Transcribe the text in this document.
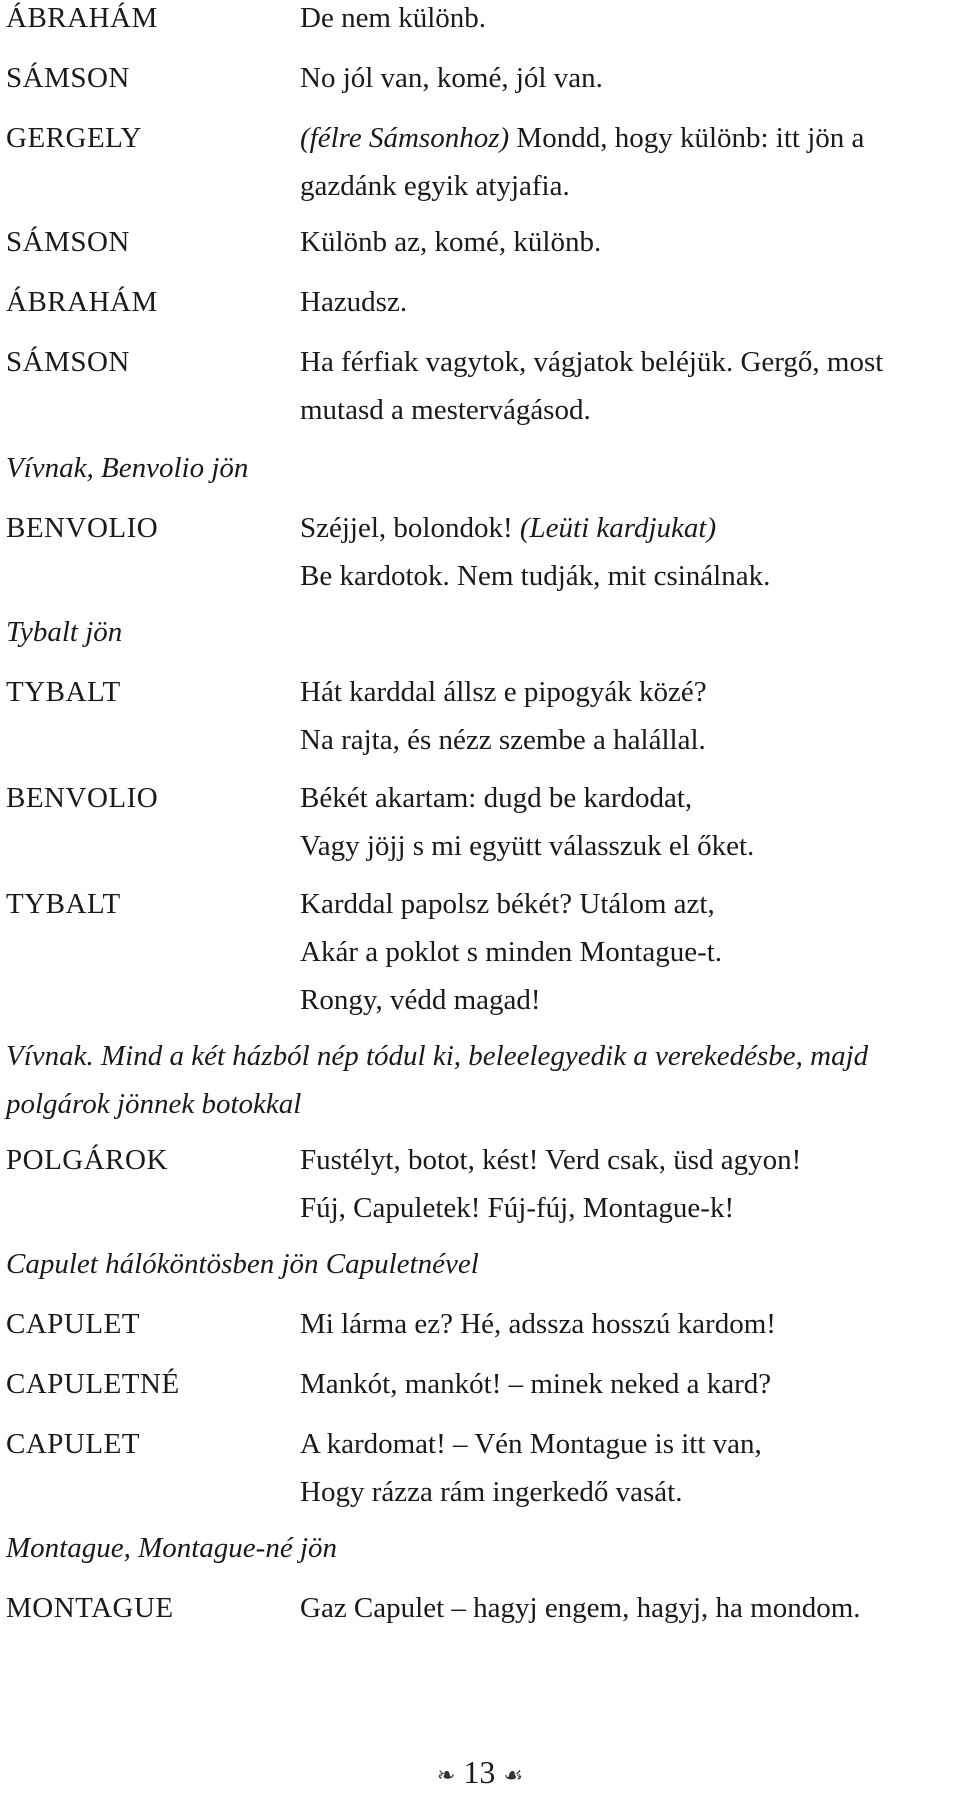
ÁBRAHÁM	De nem különb.
SÁMSON	No jól van, komé, jól van.
GERGELY	(félre Sámsonhoz) Mondd, hogy különb: itt jön a
gazdánk egyik atyjafia.
SÁMSON	Különb az, komé, különb.
ÁBRAHÁM	Hazudsz.
SÁMSON	Ha férfiak vagytok, vágjatok beléjük. Gergő, most
mutasd a mestervágásod.
Vívnak, Benvolio jön
BENVOLIO	Széjjel, bolondok! (Leüti kardjukat)
Be kardotok. Nem tudják, mit csinálnak.
Tybalt jön
TYBALT	Hát karddal állsz e pipogyák közé?
Na rajta, és nézz szembe a halállal.
BENVOLIO	Békét akartam: dugd be kardodat,
Vagy jöjj s mi együtt válasszuk el őket.
TYBALT	Karddal papolsz békét? Utálom azt,
Akár a poklot s minden Montague-t.
Rongy, védd magad!
Vívnak. Mind a két házból nép tódul ki, beleelegyedik a verekedésbe, majd
polgárok jönnek botokkal
POLGÁROK	Fustélyt, botot, kést! Verd csak, üsd agyon!
Fúj, Capuletek! Fúj-fúj, Montague-k!
Capulet hálóköntösben jön Capuletnével
CAPULET	Mi lárma ez? Hé, adssza hosszú kardom!
CAPULETNÉ	Mankót, mankót! – minek neked a kard?
CAPULET	A kardomat! – Vén Montague is itt van,
Hogy rázza rám ingerkedő vasát.
Montague, Montague-né jön
MONTAGUE	Gaz Capulet – hagyj engem, hagyj, ha mondom.
❧ 13 ☙
